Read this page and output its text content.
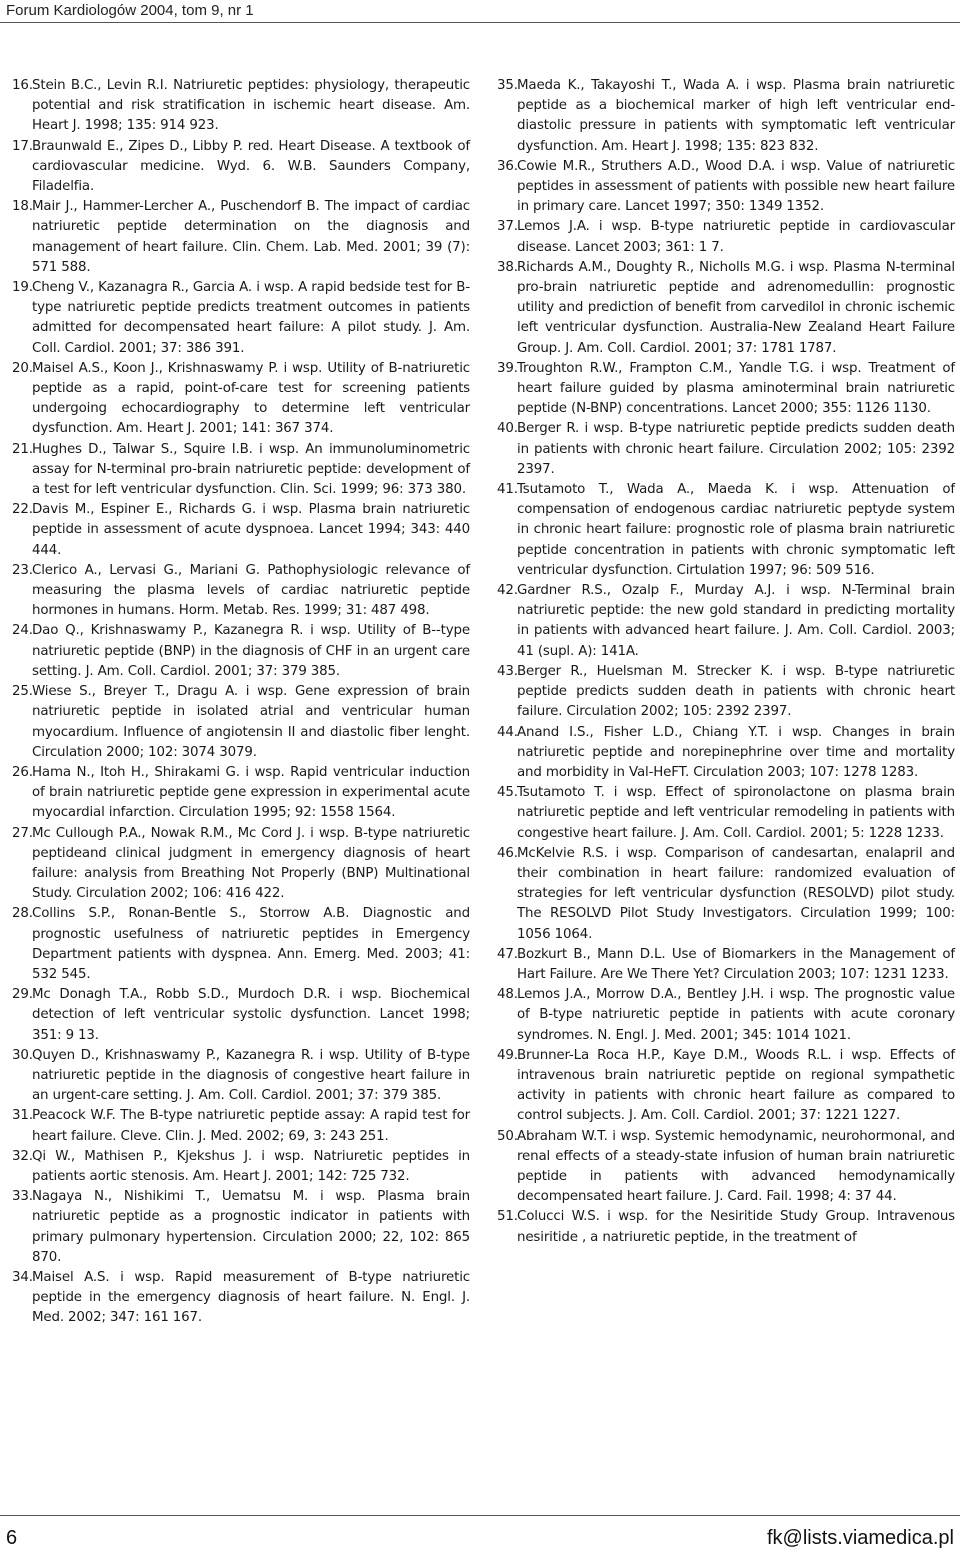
Forum Kardiologów 2004, tom 9, nr 1

16.Stein B.C., Levin R.I. Natriuretic peptides: physiology, therapeutic potential and risk stratification in ischemic heart disease. Am. Heart J. 1998; 135: 914 923.

17.Braunwald E., Zipes D., Libby P. red. Heart Disease. A textbook of cardiovascular medicine. Wyd. 6. W.B. Saunders Company, Filadelfia.

18.Mair J., Hammer-Lercher A., Puschendorf B. The impact of cardiac natriuretic peptide determination on the diagnosis and management of heart failure. Clin. Chem. Lab. Med. 2001; 39 (7): 571 588.

19.Cheng V., Kazanagra R., Garcia A. i wsp. A rapid bedside test for B-type natriuretic peptide predicts treatment outcomes in patients admitted for decompensated heart failure: A pilot study. J. Am. Coll. Cardiol. 2001; 37: 386 391.

20.Maisel A.S., Koon J., Krishnaswamy P. i wsp. Utility of B-natriuretic peptide as a rapid, point-of-care test for screening patients undergoing echocardiography to determine left ventricular dysfunction. Am. Heart J. 2001; 141: 367 374.

21.Hughes D., Talwar S., Squire I.B. i wsp. An immunoluminometric assay for N-terminal pro-brain natriuretic peptide: development of a test for left ventricular dysfunction. Clin. Sci. 1999; 96: 373 380.

22.Davis M., Espiner E., Richards G. i wsp. Plasma brain natriuretic peptide in assessment of acute dyspnoea. Lancet 1994; 343: 440 444.

23.Clerico A., Lervasi G., Mariani G. Pathophysiologic relevance of measuring the plasma levels of cardiac natriuretic peptide hormones in humans. Horm. Metab. Res. 1999; 31: 487 498.

24.Dao Q., Krishnaswamy P., Kazanegra R. i wsp. Utility of B--type natriuretic peptide (BNP) in the diagnosis of CHF in an urgent care setting. J. Am. Coll. Cardiol. 2001; 37: 379 385.

25.Wiese S., Breyer T., Dragu A. i wsp. Gene expression of brain natriuretic peptide in isolated atrial and ventricular human myocardium. Influence of angiotensin II and diastolic fiber lenght. Circulation 2000; 102: 3074 3079.

26.Hama N., Itoh H., Shirakami G. i wsp. Rapid ventricular induction of brain natriuretic peptide gene expression in experimental acute myocardial infarction. Circulation 1995; 92: 1558 1564.

27.Mc Cullough P.A., Nowak R.M., Mc Cord J. i wsp. B-type natriuretic peptideand clinical judgment in emergency diagnosis of heart failure: analysis from Breathing Not Properly (BNP) Multinational Study. Circulation 2002; 106: 416 422.

28.Collins S.P., Ronan-Bentle S., Storrow A.B. Diagnostic and prognostic usefulness of natriuretic peptides in Emergency Department patients with dyspnea. Ann. Emerg. Med. 2003; 41: 532 545.

29.Mc Donagh T.A., Robb S.D., Murdoch D.R. i wsp. Biochemical detection of left ventricular systolic dysfunction. Lancet 1998; 351: 9 13.

30.Quyen D., Krishnaswamy P., Kazanegra R. i wsp. Utility of B-type natriuretic peptide in the diagnosis of congestive heart failure in an urgent-care setting. J. Am. Coll. Cardiol. 2001; 37: 379 385.

31.Peacock W.F. The B-type natriuretic peptide assay: A rapid test for heart failure. Cleve. Clin. J. Med. 2002; 69, 3: 243 251.

32.Qi W., Mathisen P., Kjekshus J. i wsp. Natriuretic peptides in patients aortic stenosis. Am. Heart J. 2001; 142: 725 732.

33.Nagaya N., Nishikimi T., Uematsu M. i wsp. Plasma brain natriuretic peptide as a prognostic indicator in patients with primary pulmonary hypertension. Circulation 2000; 22, 102: 865 870.

34.Maisel A.S. i wsp. Rapid measurement of B-type natriuretic peptide in the emergency diagnosis of heart failure. N. Engl. J. Med. 2002; 347: 161 167.

35.Maeda K., Takayoshi T., Wada A. i wsp. Plasma brain natriuretic peptide as a biochemical marker of high left ventricular end-diastolic pressure in patients with symptomatic left ventricular dysfunction. Am. Heart J. 1998; 135: 823 832.

36.Cowie M.R., Struthers A.D., Wood D.A. i wsp. Value of natriuretic peptides in assessment of patients with possible new heart failure in primary care. Lancet 1997; 350: 1349 1352.

37.Lemos J.A. i wsp. B-type natriuretic peptide in cardiovascular disease. Lancet 2003; 361: 1 7.

38.Richards A.M., Doughty R., Nicholls M.G. i wsp. Plasma N-terminal pro-brain natriuretic peptide and adrenomedullin: prognostic utility and prediction of benefit from carvedilol in chronic ischemic left ventricular dysfunction. Australia-New Zealand Heart Failure Group. J. Am. Coll. Cardiol. 2001; 37: 1781 1787.

39.Troughton R.W., Frampton C.M., Yandle T.G. i wsp. Treatment of heart failure guided by plasma aminoterminal brain natriuretic peptide (N-BNP) concentrations. Lancet 2000; 355: 1126 1130.

40.Berger R. i wsp. B-type natriuretic peptide predicts sudden death in patients with chronic heart failure. Circulation 2002; 105: 2392 2397.

41.Tsutamoto T., Wada A., Maeda K. i wsp. Attenuation of compensation of endogenous cardiac natriuretic peptyde system in chronic heart failure: prognostic role of plasma brain natriuretic peptide concentration in patients with chronic symptomatic left ventricular dysfunction. Cirtulation 1997; 96: 509 516.

42.Gardner R.S., Ozalp F., Murday A.J. i wsp. N-Terminal brain natriuretic peptide: the new gold standard in predicting mortality in patients with advanced heart failure. J. Am. Coll. Cardiol. 2003; 41 (supl. A): 141A.

43.Berger R., Huelsman M. Strecker K. i wsp. B-type natriuretic peptide predicts sudden death in patients with chronic heart failure. Circulation 2002; 105: 2392 2397.

44.Anand I.S., Fisher L.D., Chiang Y.T. i wsp. Changes in brain natriuretic peptide and norepinephrine over time and mortality and morbidity in Val-HeFT. Circulation 2003; 107: 1278 1283.

45.Tsutamoto T. i wsp. Effect of spironolactone on plasma brain natriuretic peptide and left ventricular remodeling in patients with congestive heart failure. J. Am. Coll. Cardiol. 2001; 5: 1228 1233.

46.McKelvie R.S. i wsp. Comparison of candesartan, enalapril and their combination in heart failure: randomized evaluation of strategies for left ventricular dysfunction (RESOLVD) pilot study. The RESOLVD Pilot Study Investigators. Circulation 1999; 100: 1056 1064.

47.Bozkurt B., Mann D.L. Use of Biomarkers in the Management of Hart Failure. Are We There Yet? Circulation 2003; 107: 1231 1233.

48.Lemos J.A., Morrow D.A., Bentley J.H. i wsp. The prognostic value of B-type natriuretic peptide in patients with acute coronary syndromes. N. Engl. J. Med. 2001; 345: 1014 1021.

49.Brunner-La Roca H.P., Kaye D.M., Woods R.L. i wsp. Effects of intravenous brain natriuretic peptide on regional sympathetic activity in patients with chronic heart failure as compared to control subjects. J. Am. Coll. Cardiol. 2001; 37: 1221 1227.

50.Abraham W.T. i wsp. Systemic hemodynamic, neurohormonal, and renal effects of a steady-state infusion of human brain natriuretic peptide in patients with advanced hemodynamically decompensated heart failure. J. Card. Fail. 1998; 4: 37 44.

51.Colucci W.S. i wsp. for the Nesiritide Study Group. Intravenous nesiritide , a natriuretic peptide, in the treatment of

6	fk@lists.viamedica.pl
